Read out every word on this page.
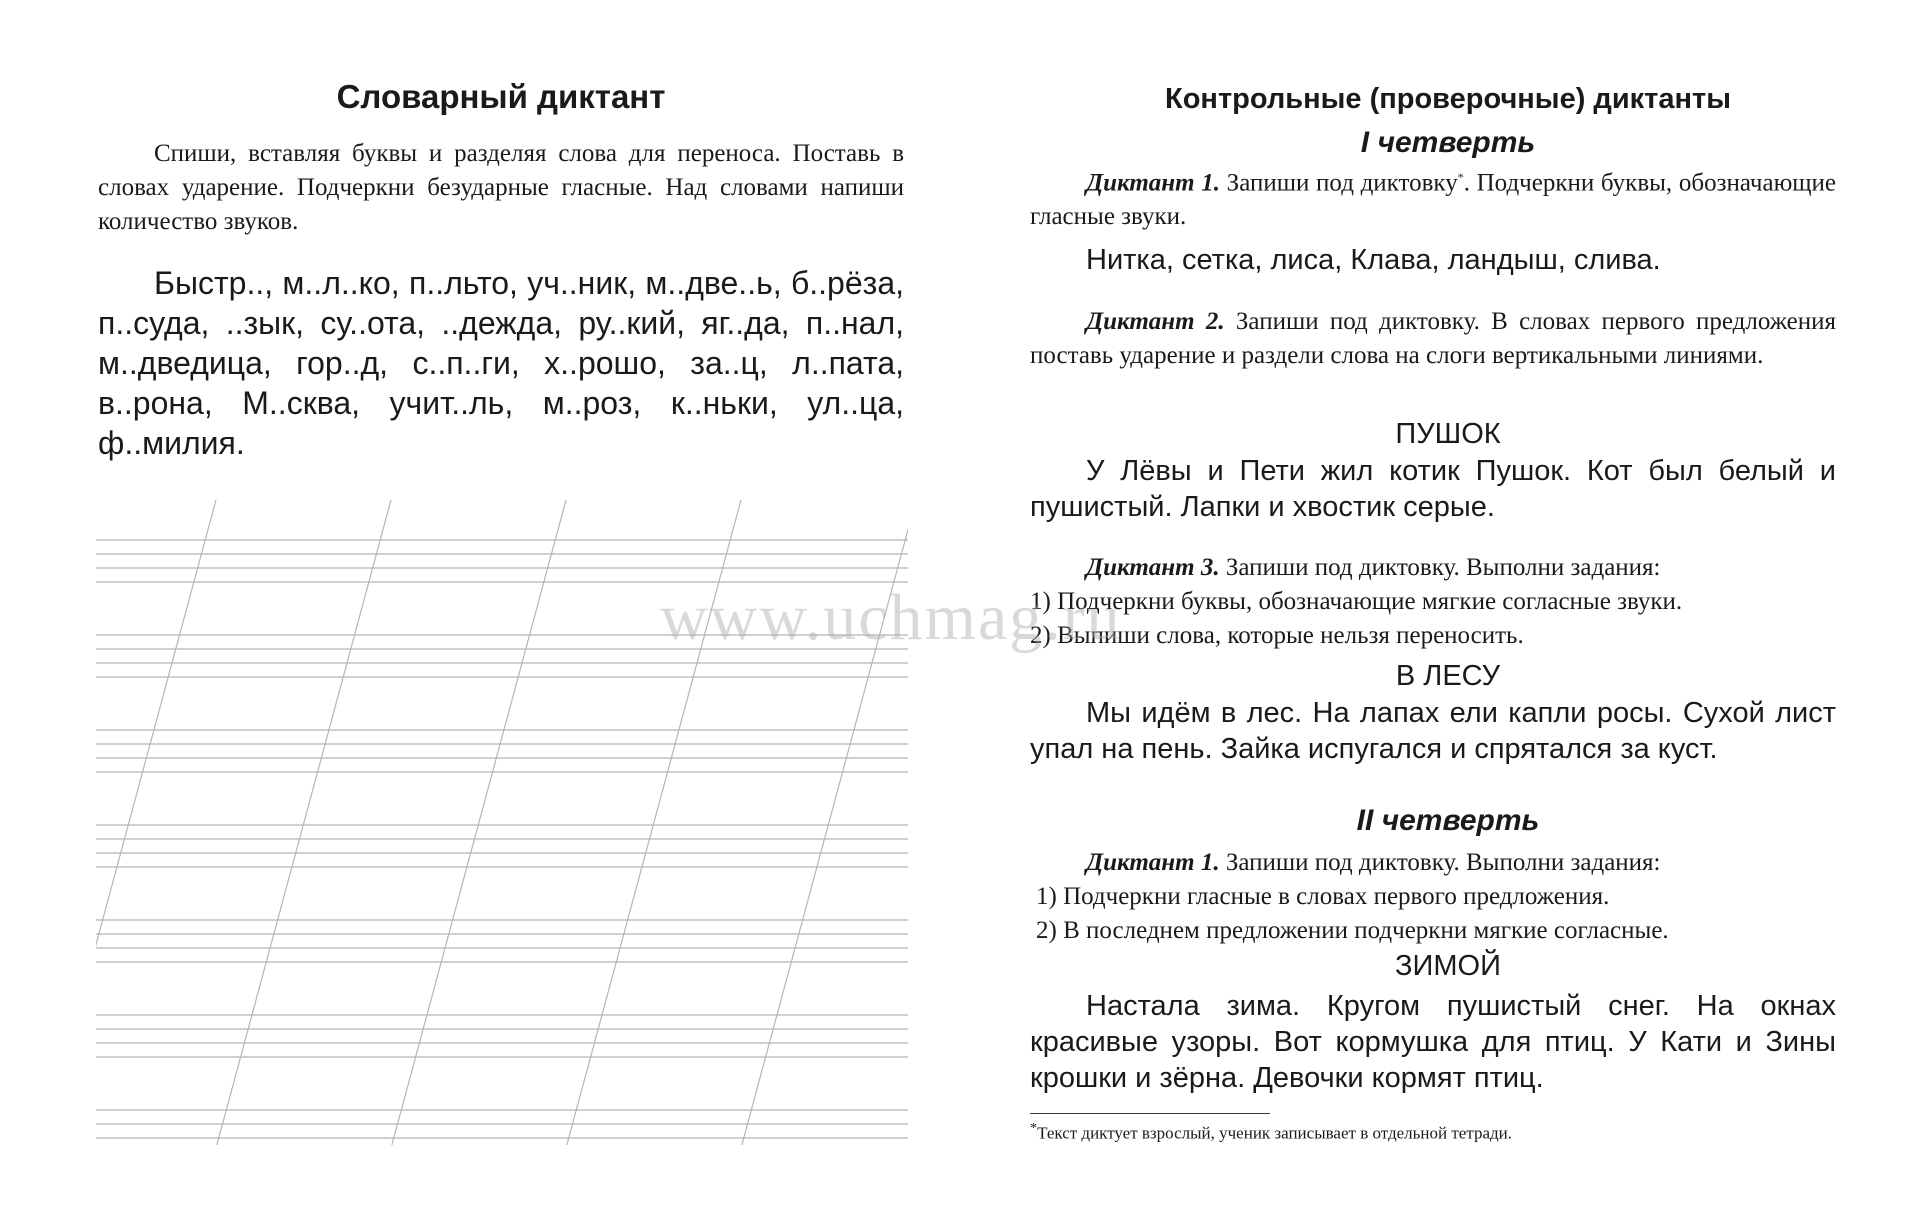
Словарный диктант

Спиши, вставляя буквы и разделяя слова для переноса. Поставь в словах ударение. Подчеркни безударные гласные. Над словами напиши количество звуков.

Быстр.., м..л..ко, п..льто, уч..ник, м..две..ь, б..рёза, п..суда, ..зык, су..ота, ..дежда, ру..кий, яг..да, п..нал, м..дведица, гор..д, с..п..ги, х..рошо, за..ц, л..пата, в..рона, М..сква, учит..ль, м..роз, к..ньки, ул..ца, ф..милия.

Контрольные (проверочные) диктанты
I четверть

Диктант 1. Запиши под диктовку*. Подчеркни буквы, обозначающие гласные звуки.

Нитка, сетка, лиса, Клава, ландыш, слива.

Диктант 2. Запиши под диктовку. В словах первого предложения поставь ударение и раздели слова на слоги вертикальными линиями.

ПУШОК

У Лёвы и Пети жил котик Пушок. Кот был белый и пушистый. Лапки и хвостик серые.

Диктант 3. Запиши под диктовку. Выполни задания:

1) Подчеркни буквы, обозначающие мягкие согласные звуки.

2) Выпиши слова, которые нельзя переносить.

В ЛЕСУ

Мы идём в лес. На лапах ели капли росы. Сухой лист упал на пень. Зайка испугался и спрятался за куст.

II четверть

Диктант 1. Запиши под диктовку. Выполни задания:

1) Подчеркни гласные в словах первого предложения.

2) В последнем предложении подчеркни мягкие согласные.

ЗИМОЙ

Настала зима. Кругом пушистый снег. На окнах красивые узоры. Вот кормушка для птиц. У Кати и Зины крошки и зёрна. Девочки кормят птиц.

*Текст диктует взрослый, ученик записывает в отдельной тетради.

www.uchmag.ru
